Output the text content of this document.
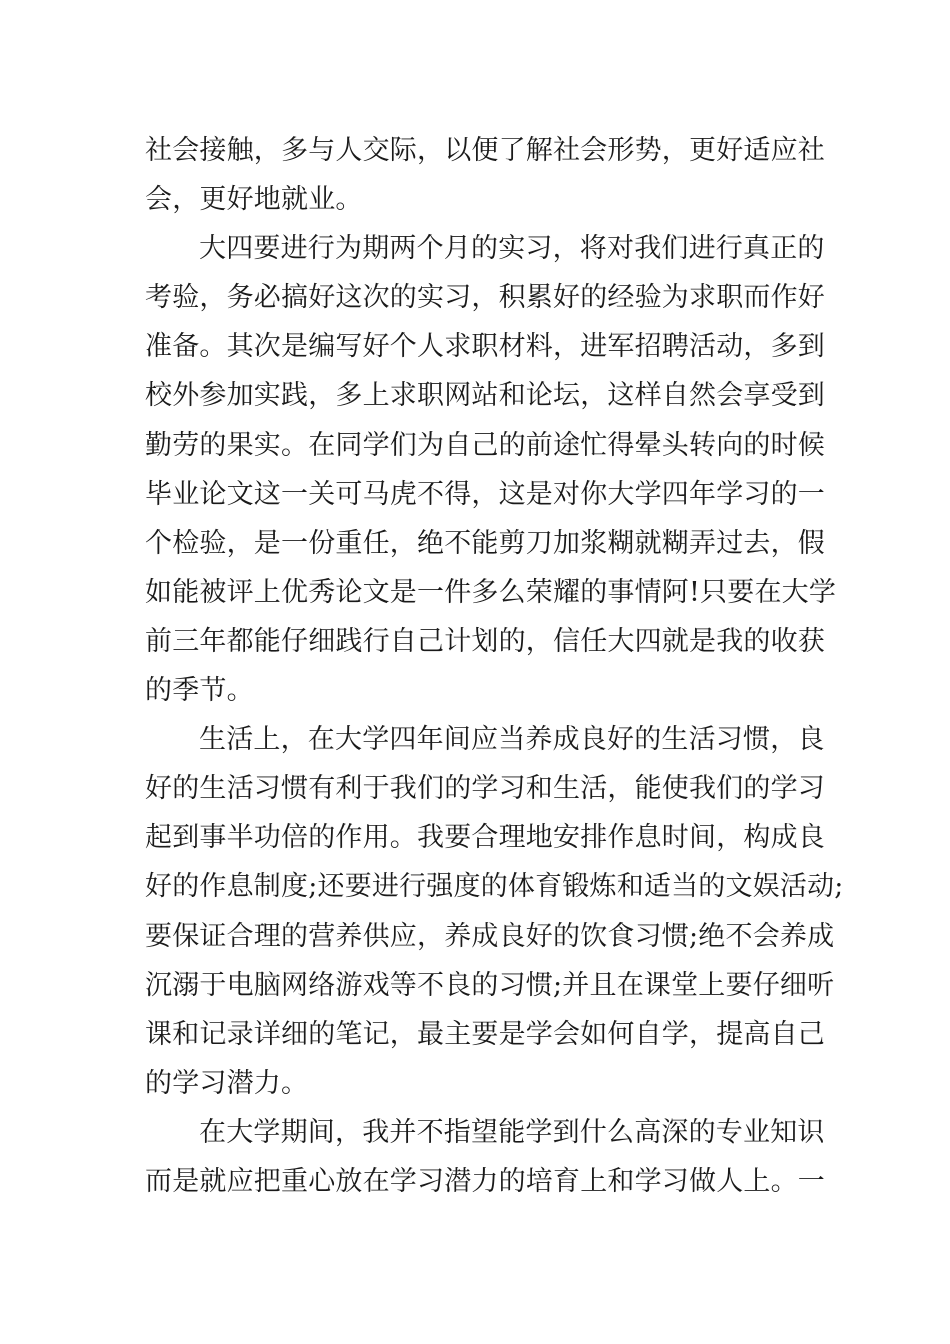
社会接触，多与人交际，以便了解社会形势，更好适应社
会，更好地就业。
大四要进行为期两个月的实习，将对我们进行真正的
考验，务必搞好这次的实习，积累好的经验为求职而作好
准备。其次是编写好个人求职材料，进军招聘活动，多到
校外参加实践，多上求职网站和论坛，这样自然会享受到
勤劳的果实。在同学们为自己的前途忙得晕头转向的时候
毕业论文这一关可马虎不得，这是对你大学四年学习的一
个检验，是一份重任，绝不能剪刀加浆糊就糊弄过去，假
如能被评上优秀论文是一件多么荣耀的事情阿!只要在大学
前三年都能仔细践行自己计划的，信任大四就是我的收获
的季节。
生活上，在大学四年间应当养成良好的生活习惯，良
好的生活习惯有利于我们的学习和生活，能使我们的学习
起到事半功倍的作用。我要合理地安排作息时间，构成良
好的作息制度;还要进行强度的体育锻炼和适当的文娱活动;
要保证合理的营养供应，养成良好的饮食习惯;绝不会养成
沉溺于电脑网络游戏等不良的习惯;并且在课堂上要仔细听
课和记录详细的笔记，最主要是学会如何自学，提高自己
的学习潜力。
在大学期间，我并不指望能学到什么高深的专业知识
而是就应把重心放在学习潜力的培育上和学习做人上。一
